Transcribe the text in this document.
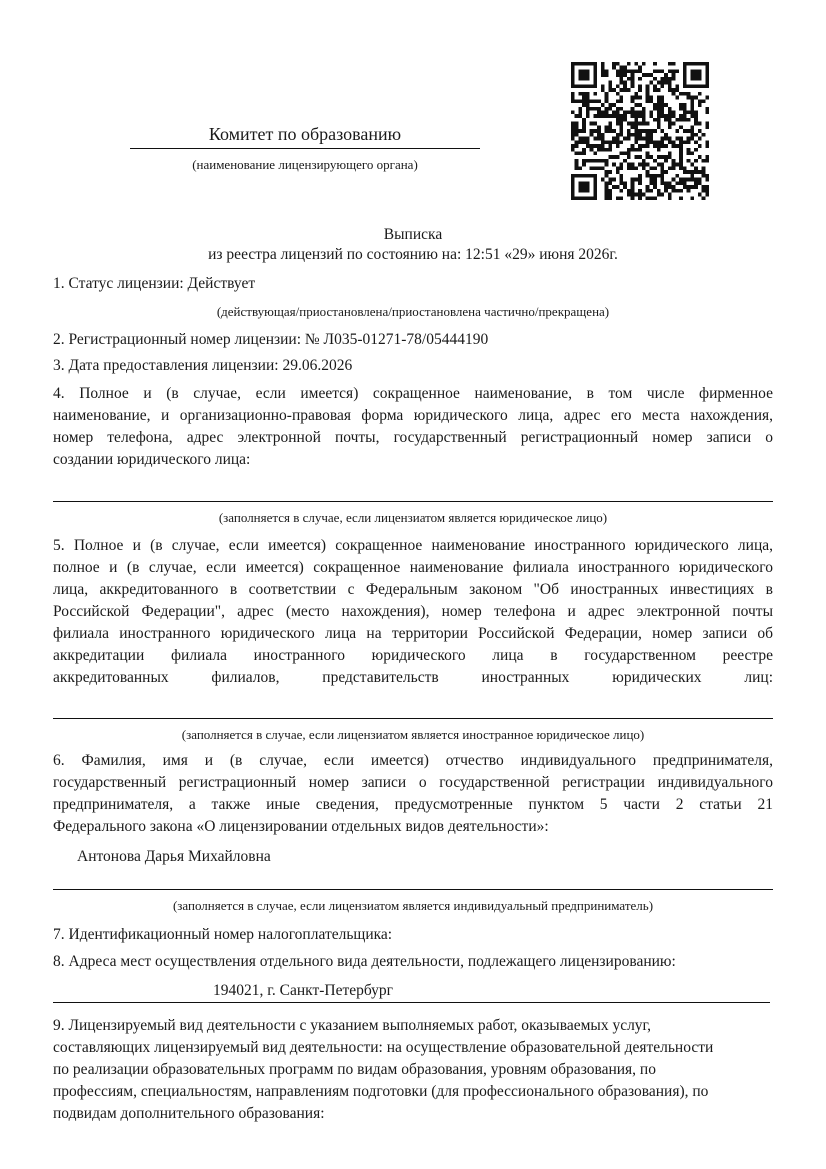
Комитет по образованию
(наименование лицензирующего органа)
Выписка
из реестра лицензий по состоянию на: 12:51 «29» июня 2026г.
1. Статус лицензии: Действует
(действующая/приостановлена/приостановлена частично/прекращена)
2. Регистрационный номер лицензии: № Л035-01271-78/05444190
3. Дата предоставления лицензии: 29.06.2026
4. Полное и (в случае, если имеется) сокращенное наименование, в том числе фирменное
наименование, и организационно-правовая форма юридического лица, адрес его места нахождения,
номер телефона, адрес электронной почты, государственный регистрационный номер записи о
создании юридического лица:
(заполняется в случае, если лицензиатом является юридическое лицо)
5. Полное и (в случае, если имеется) сокращенное наименование иностранного юридического лица,
полное и (в случае, если имеется) сокращенное наименование филиала иностранного юридического
лица, аккредитованного в соответствии с Федеральным законом "Об иностранных инвестициях в
Российской Федерации", адрес (место нахождения), номер телефона и адрес электронной почты
филиала иностранного юридического лица на территории Российской Федерации, номер записи об
аккредитации филиала иностранного юридического лица в государственном реестре
аккредитованных филиалов, представительств иностранных юридических лиц:
(заполняется в случае, если лицензиатом является иностранное юридическое лицо)
6. Фамилия, имя и (в случае, если имеется) отчество индивидуального предпринимателя,
государственный регистрационный номер записи о государственной регистрации индивидуального
предпринимателя, а также иные сведения, предусмотренные пунктом 5 части 2 статьи 21
Федерального закона «О лицензировании отдельных видов деятельности»:
Антонова Дарья Михайловна
(заполняется в случае, если лицензиатом является индивидуальный предприниматель)
7. Идентификационный номер налогоплательщика:
8. Адреса мест осуществления отдельного вида деятельности, подлежащего лицензированию:
194021, г. Санкт-Петербург
9. Лицензируемый вид деятельности с указанием выполняемых работ, оказываемых услуг,
составляющих лицензируемый вид деятельности: на осуществление образовательной деятельности
по реализации образовательных программ по видам образования, уровням образования, по
профессиям, специальностям, направлениям подготовки (для профессионального образования), по
подвидам дополнительного образования:
